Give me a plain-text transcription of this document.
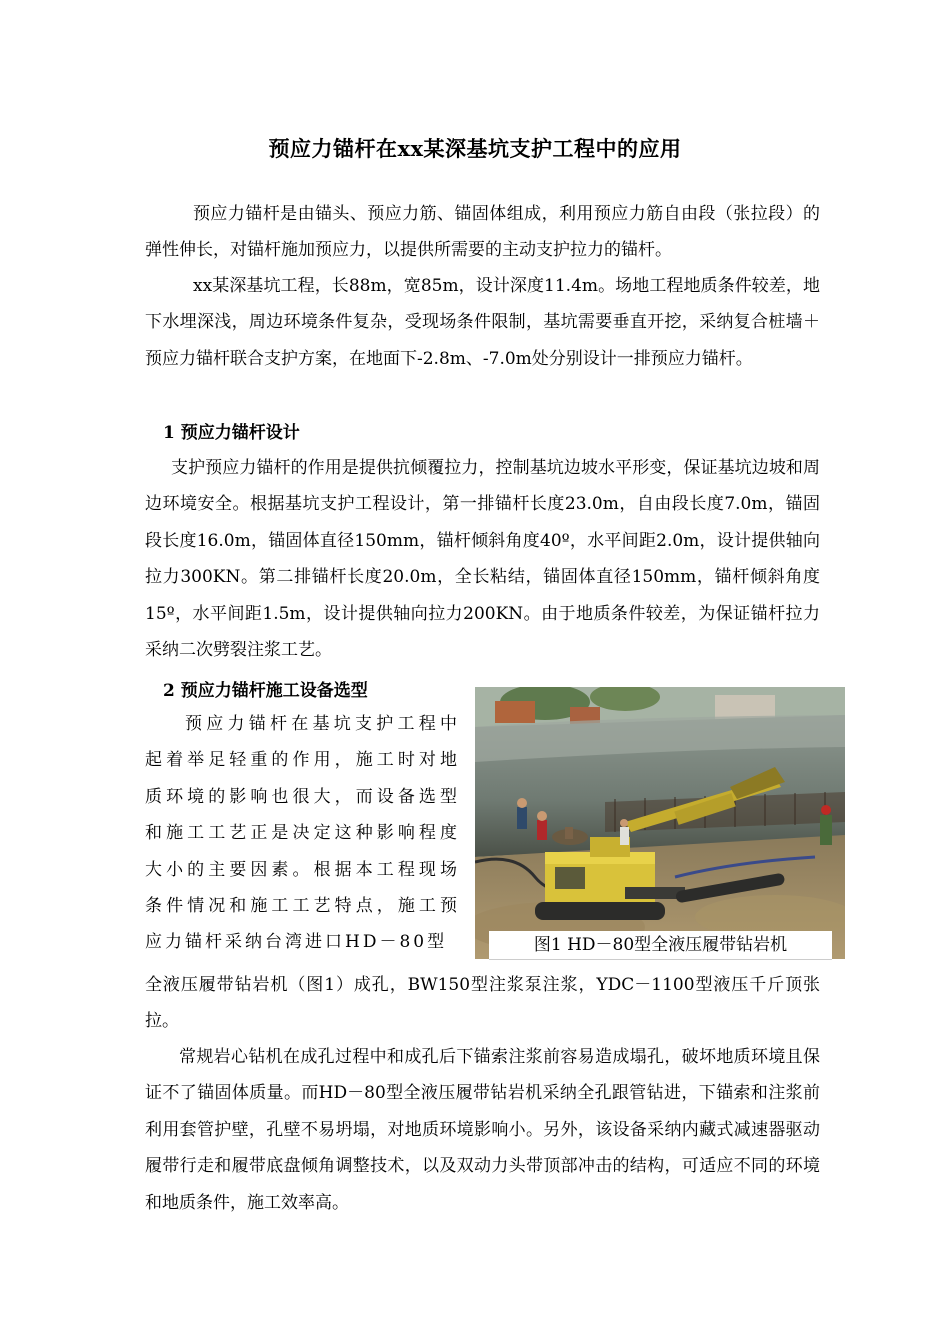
预应力锚杆在xx某深基坑支护工程中的应用

预应力锚杆是由锚头、预应力筋、锚固体组成，利用预应力筋自由段（张拉段）的弹性伸长，对锚杆施加预应力，以提供所需要的主动支护拉力的锚杆。

xx某深基坑工程，长88m，宽85m，设计深度11.4m。场地工程地质条件较差，地下水埋深浅，周边环境条件复杂，受现场条件限制，基坑需要垂直开挖，采纳复合桩墙＋预应力锚杆联合支护方案，在地面下-2.8m、-7.0m处分别设计一排预应力锚杆。

1 预应力锚杆设计

支护预应力锚杆的作用是提供抗倾覆拉力，控制基坑边坡水平形变，保证基坑边坡和周边环境安全。根据基坑支护工程设计，第一排锚杆长度23.0m，自由段长度7.0m，锚固段长度16.0m，锚固体直径150mm，锚杆倾斜角度40º，水平间距2.0m，设计提供轴向拉力300KN。第二排锚杆长度20.0m，全长粘结，锚固体直径150mm，锚杆倾斜角度15º，水平间距1.5m，设计提供轴向拉力200KN。由于地质条件较差，为保证锚杆拉力采纳二次劈裂注浆工艺。

2 预应力锚杆施工设备选型

预应力锚杆在基坑支护工程中起着举足轻重的作用，施工时对地质环境的影响也很大，而设备选型和施工工艺正是决定这种影响程度大小的主要因素。根据本工程现场条件情况和施工工艺特点，施工预应力锚杆采纳台湾进口HD－80型

全液压履带钻岩机（图1）成孔，BW150型注浆泵注浆，YDC－1100型液压千斤顶张拉。

常规岩心钻机在成孔过程中和成孔后下锚索注浆前容易造成塌孔，破坏地质环境且保证不了锚固体质量。而HD－80型全液压履带钻岩机采纳全孔跟管钻进，下锚索和注浆前利用套管护壁，孔壁不易坍塌，对地质环境影响小。另外，该设备采纳内藏式减速器驱动履带行走和履带底盘倾角调整技术，以及双动力头带顶部冲击的结构，可适应不同的环境和地质条件，施工效率高。

图1 HD－80型全液压履带钻岩机
